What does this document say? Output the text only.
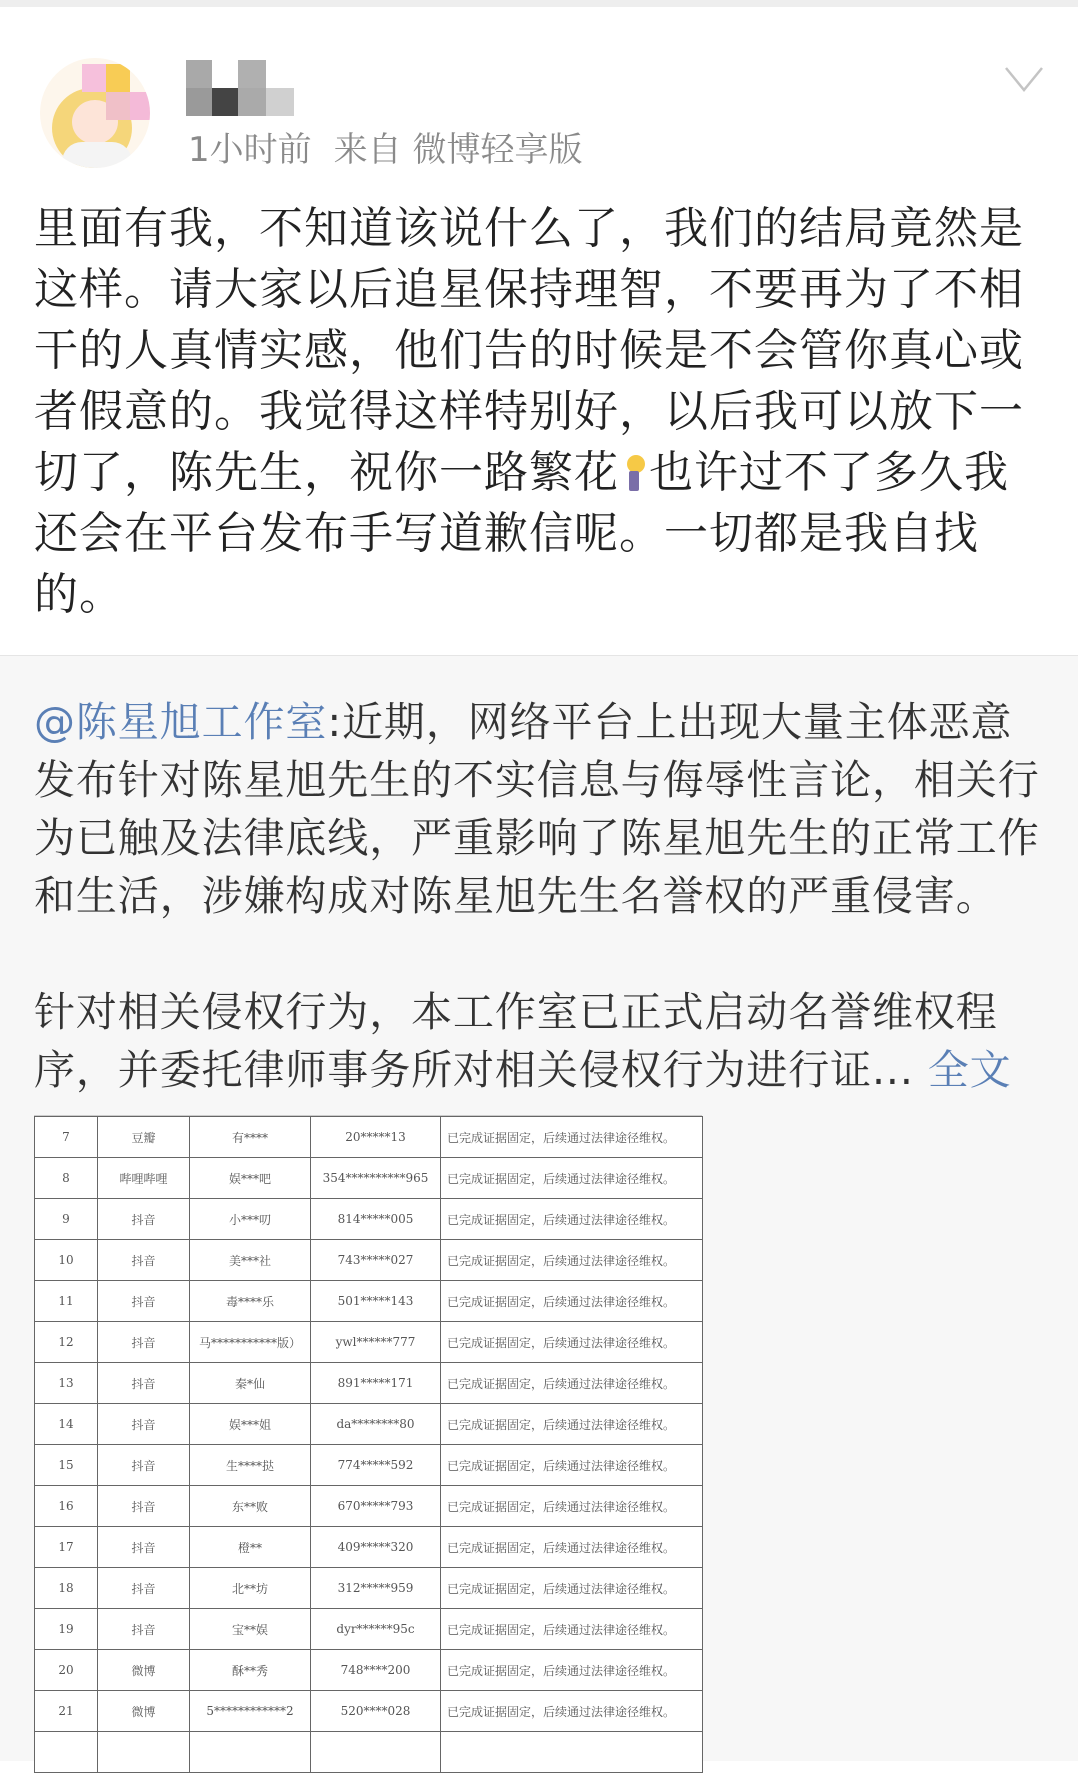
1小时前 来自 微博轻享版
里面有我，不知道该说什么了，我们的结局竟然是
这样。请大家以后追星保持理智，不要再为了不相
干的人真情实感，他们告的时候是不会管你真心或
者假意的。我觉得这样特别好，以后我可以放下一
切了，陈先生，祝你一路繁花 也许过不了多久我
还会在平台发布手写道歉信呢。一切都是我自找
的。
@陈星旭工作室:近期，网络平台上出现大量主体恶意
发布针对陈星旭先生的不实信息与侮辱性言论，相关行
为已触及法律底线，严重影响了陈星旭先生的正常工作
和生活，涉嫌构成对陈星旭先生名誉权的严重侵害。
针对相关侵权行为，本工作室已正式启动名誉维权程
序，并委托律师事务所对相关侵权行为进行证... 全文
7	豆瓣	有****	20*****13	已完成证据固定，后续通过法律途径维权。
8	哔哩哔哩	娱***吧	354**********965	已完成证据固定，后续通过法律途径维权。
9	抖音	小***叨	814*****005	已完成证据固定，后续通过法律途径维权。
10	抖音	美***社	743*****027	已完成证据固定，后续通过法律途径维权。
11	抖音	毒****乐	501*****143	已完成证据固定，后续通过法律途径维权。
12	抖音	马***********版）	ywl******777	已完成证据固定，后续通过法律途径维权。
13	抖音	秦*仙	891*****171	已完成证据固定，后续通过法律途径维权。
14	抖音	娱***姐	da********80	已完成证据固定，后续通过法律途径维权。
15	抖音	生****挞	774*****592	已完成证据固定，后续通过法律途径维权。
16	抖音	东**败	670*****793	已完成证据固定，后续通过法律途径维权。
17	抖音	橙**	409*****320	已完成证据固定，后续通过法律途径维权。
18	抖音	北**坊	312*****959	已完成证据固定，后续通过法律途径维权。
19	抖音	宝**娱	dyr******95c	已完成证据固定，后续通过法律途径维权。
20	微博	酥**秀	748****200	已完成证据固定，后续通过法律途径维权。
21	微博	5************2	520****028	已完成证据固定，后续通过法律途径维权。
